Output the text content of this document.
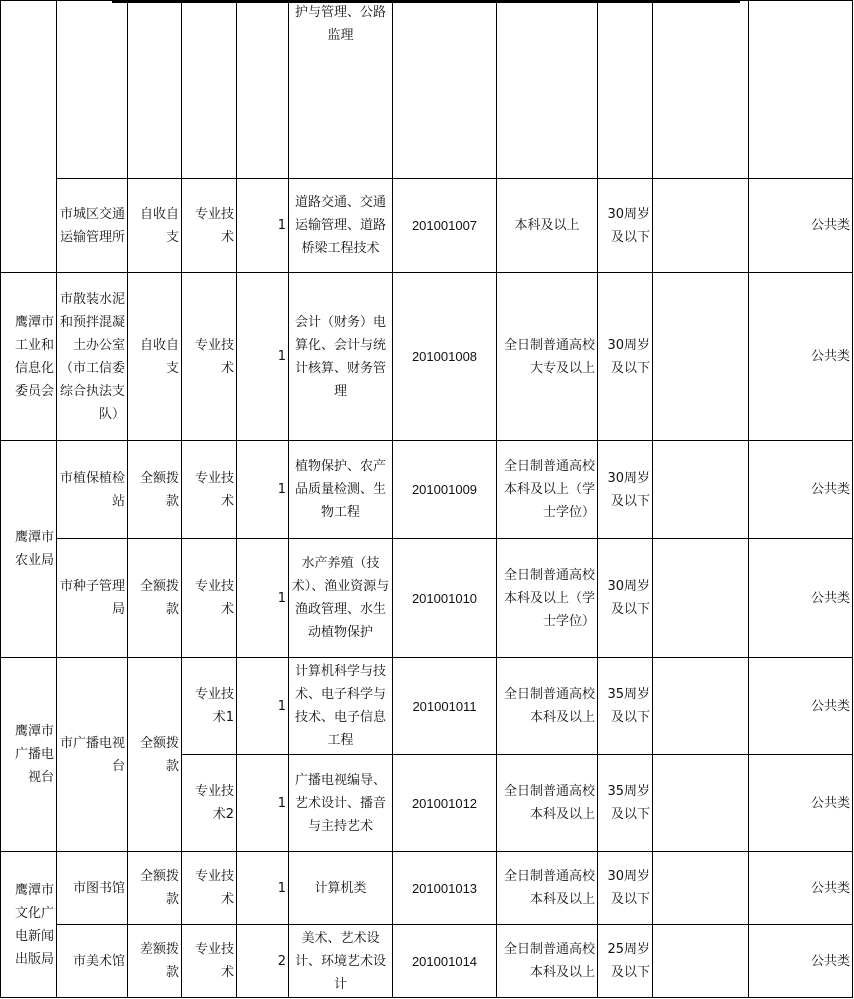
					护与管理、公路监理					
	市城区交通运输管理所	自收自支	专业技术	1	道路交通、交通运输管理、道路桥梁工程技术	201001007	本科及以上	30周岁及以下		公共类
鹰潭市工业和信息化委员会	市散装水泥和预拌混凝土办公室（市工信委综合执法支队）	自收自支	专业技术	1	会计（财务）电算化、会计与统计核算、财务管理	201001008	全日制普通高校大专及以上	30周岁及以下		公共类
鹰潭市农业局	市植保植检站	全额拨款	专业技术	1	植物保护、农产品质量检测、生物工程	201001009	全日制普通高校本科及以上（学士学位）	30周岁及以下		公共类
	市种子管理局	全额拨款	专业技术	1	水产养殖（技术）、渔业资源与渔政管理、水生动植物保护	201001010	全日制普通高校本科及以上（学士学位）	30周岁及以下		公共类
鹰潭市广播电视台	市广播电视台	全额拨款	专业技术1	1	计算机科学与技术、电子科学与技术、电子信息工程	201001011	全日制普通高校本科及以上	35周岁及以下		公共类
			专业技术2	1	广播电视编导、艺术设计、播音与主持艺术	201001012	全日制普通高校本科及以上	35周岁及以下		公共类
鹰潭市文化广电新闻出版局	市图书馆	全额拨款	专业技术	1	计算机类	201001013	全日制普通高校本科及以上	30周岁及以下		公共类
	市美术馆	差额拨款	专业技术	2	美术、艺术设计、环境艺术设计	201001014	全日制普通高校本科及以上	25周岁及以下		公共类
